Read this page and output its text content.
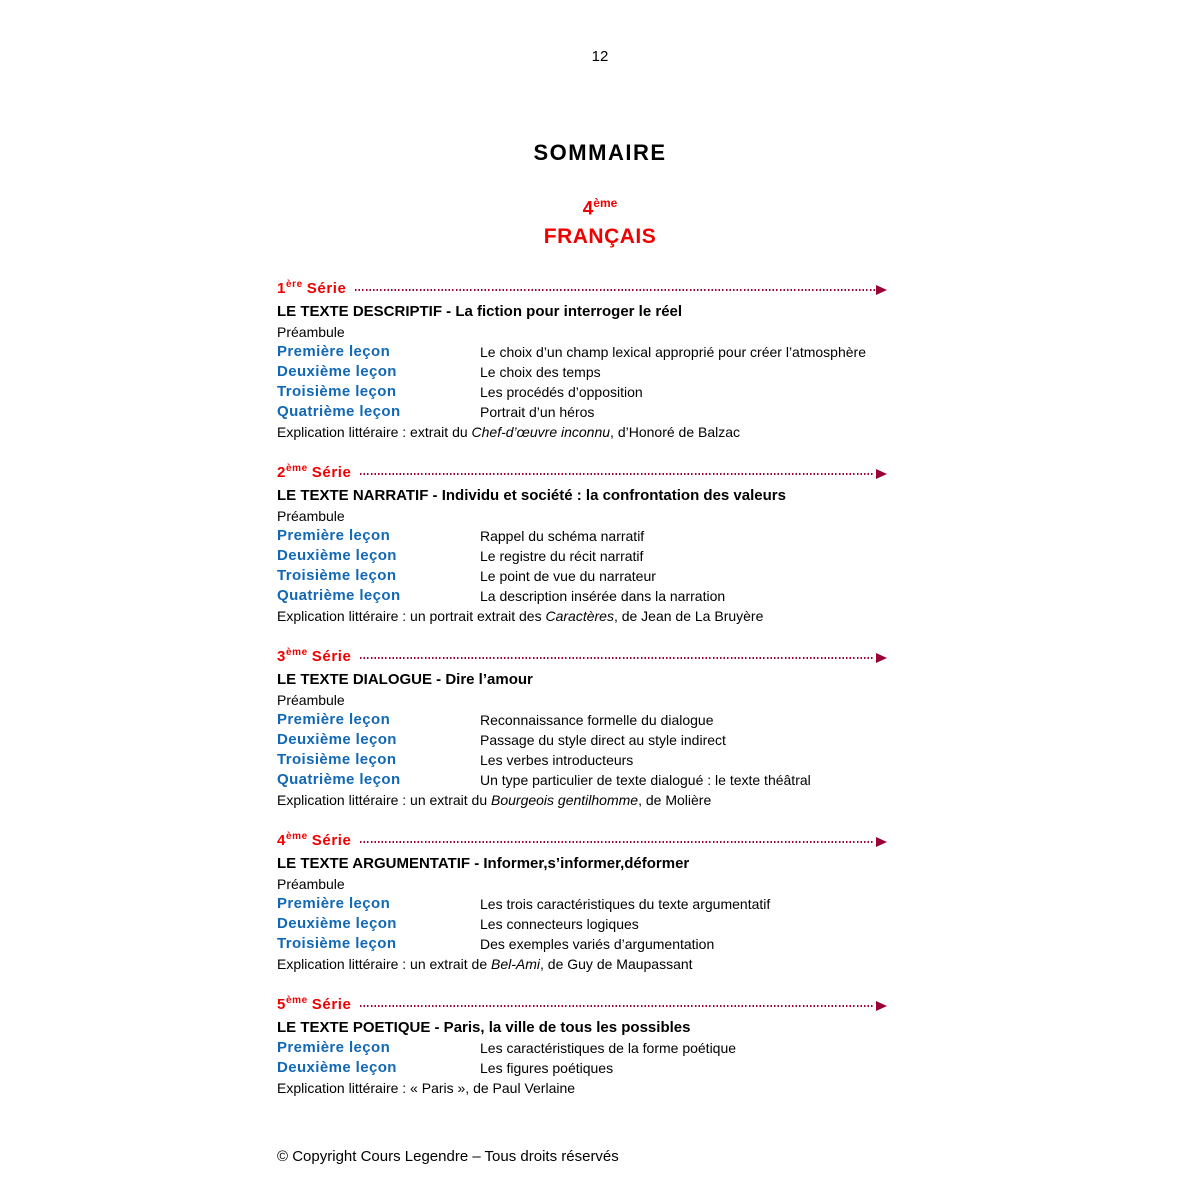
12
SOMMAIRE
4ème
FRANÇAIS
1ère Série
LE TEXTE DESCRIPTIF - La fiction pour interroger le réel
Préambule
Première leçon	Le choix d’un champ lexical approprié pour créer l’atmosphère
Deuxième leçon	Le choix des temps
Troisième leçon	Les procédés d’opposition
Quatrième leçon	Portrait d’un héros
Explication littéraire : extrait du Chef-d’œuvre inconnu, d’Honoré de Balzac
2ème Série
LE TEXTE NARRATIF - Individu et société : la confrontation des valeurs
Préambule
Première leçon	Rappel du schéma narratif
Deuxième leçon	Le registre du récit narratif
Troisième leçon	Le point de vue du narrateur
Quatrième leçon	La description insérée dans la narration
Explication littéraire : un portrait extrait des Caractères, de Jean de La Bruyère
3ème Série
LE TEXTE DIALOGUE - Dire l’amour
Préambule
Première leçon	Reconnaissance formelle du dialogue
Deuxième leçon	Passage du style direct au style indirect
Troisième leçon	Les verbes introducteurs
Quatrième leçon	Un type particulier de texte dialogué : le texte théâtral
Explication littéraire : un extrait du Bourgeois gentilhomme, de Molière
4ème Série
LE TEXTE ARGUMENTATIF - Informer,s’informer,déformer
Préambule
Première leçon	Les trois caractéristiques du texte argumentatif
Deuxième leçon	Les connecteurs logiques
Troisième leçon	Des exemples variés d’argumentation
Explication littéraire : un extrait de Bel-Ami, de Guy de Maupassant
5ème Série
LE TEXTE POETIQUE - Paris, la ville de tous les possibles
Première leçon	Les caractéristiques de la forme poétique
Deuxième leçon	Les figures poétiques
Explication littéraire : « Paris », de Paul Verlaine
© Copyright Cours Legendre – Tous droits réservés
